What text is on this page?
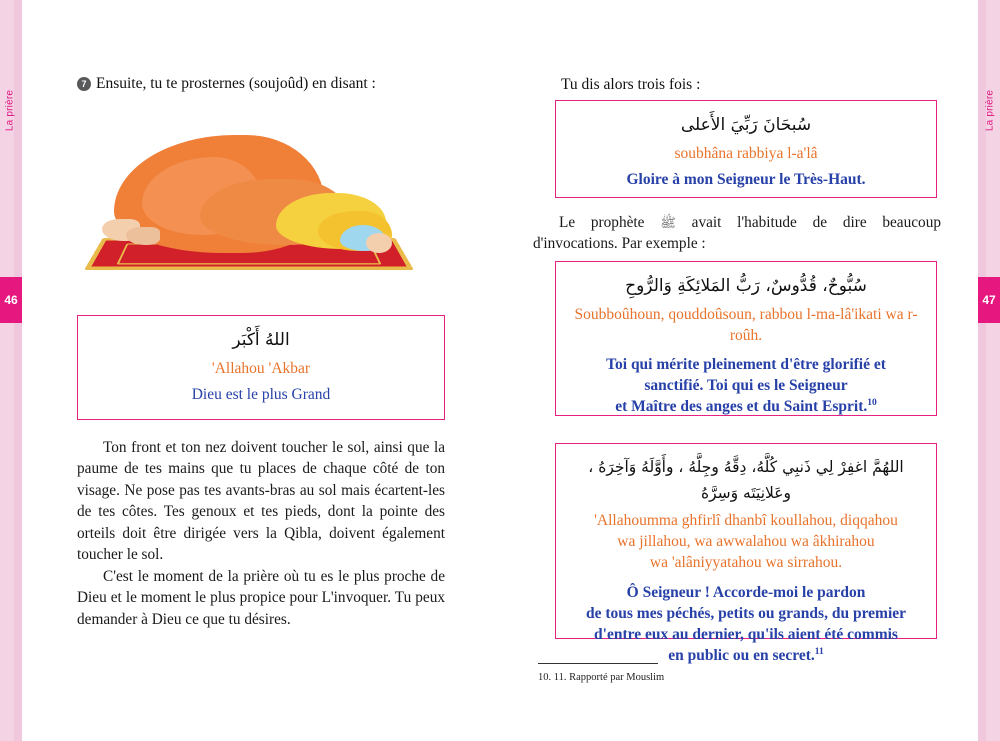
La prière
46
7 Ensuite, tu te prosternes (soujoûd) en disant :
اللهُ أَكْبَر
'Allahou 'Akbar
Dieu est le plus Grand

Ton front et ton nez doivent toucher le sol, ainsi que la paume de tes mains que tu places de chaque côté de ton visage. Ne pose pas tes avants-bras au sol mais écartent-les de tes côtes. Tes genoux et tes pieds, dont la pointe des orteils doit être dirigée vers la Qibla, doivent également toucher le sol.

C'est le moment de la prière où tu es le plus proche de Dieu et le moment le plus propice pour L'invoquer. Tu peux demander à Dieu ce que tu désires.

La prière
47
Tu dis alors trois fois :
سُبحَانَ رَبِّيَ الأَعلى
soubhâna rabbiya l-a'lâ
Gloire à mon Seigneur le Très-Haut.

Le prophète ﷺ avait l'habitude de dire beaucoup d'invocations. Par exemple :

سُبُّوحٌ، قُدُّوسٌ، رَبُّ المَلائِكَةِ وَالرُّوحِ
Soubboûhoun, qouddoûsoun, rabbou l-ma-lâ'ikati wa r-roûh.
Toi qui mérite pleinement d'être glorifié et
sanctifié. Toi qui es le Seigneur
et Maître des anges et du Saint Esprit.$^{10}$
اللهُمَّ اغفِرْ لِي ذَنبِي كُلَّهُ، دِقَّهُ وجِلَّهُ ، وأَوَّلَهُ وَآخِرَهُ ، وعَلانِيَتَه وَسِرَّهُ
'Allahoumma ghfirlî dhanbî koullahou, diqqahou
wa jillahou, wa awwalahou wa âkhirahou
wa 'alâniyyatahou wa sirrahou.
Ô Seigneur ! Accorde-moi le pardon
de tous mes péchés, petits ou grands, du premier
d'entre eux au dernier, qu'ils aient été commis
en public ou en secret.$^{11}$
10. 11. Rapporté par Mouslim
